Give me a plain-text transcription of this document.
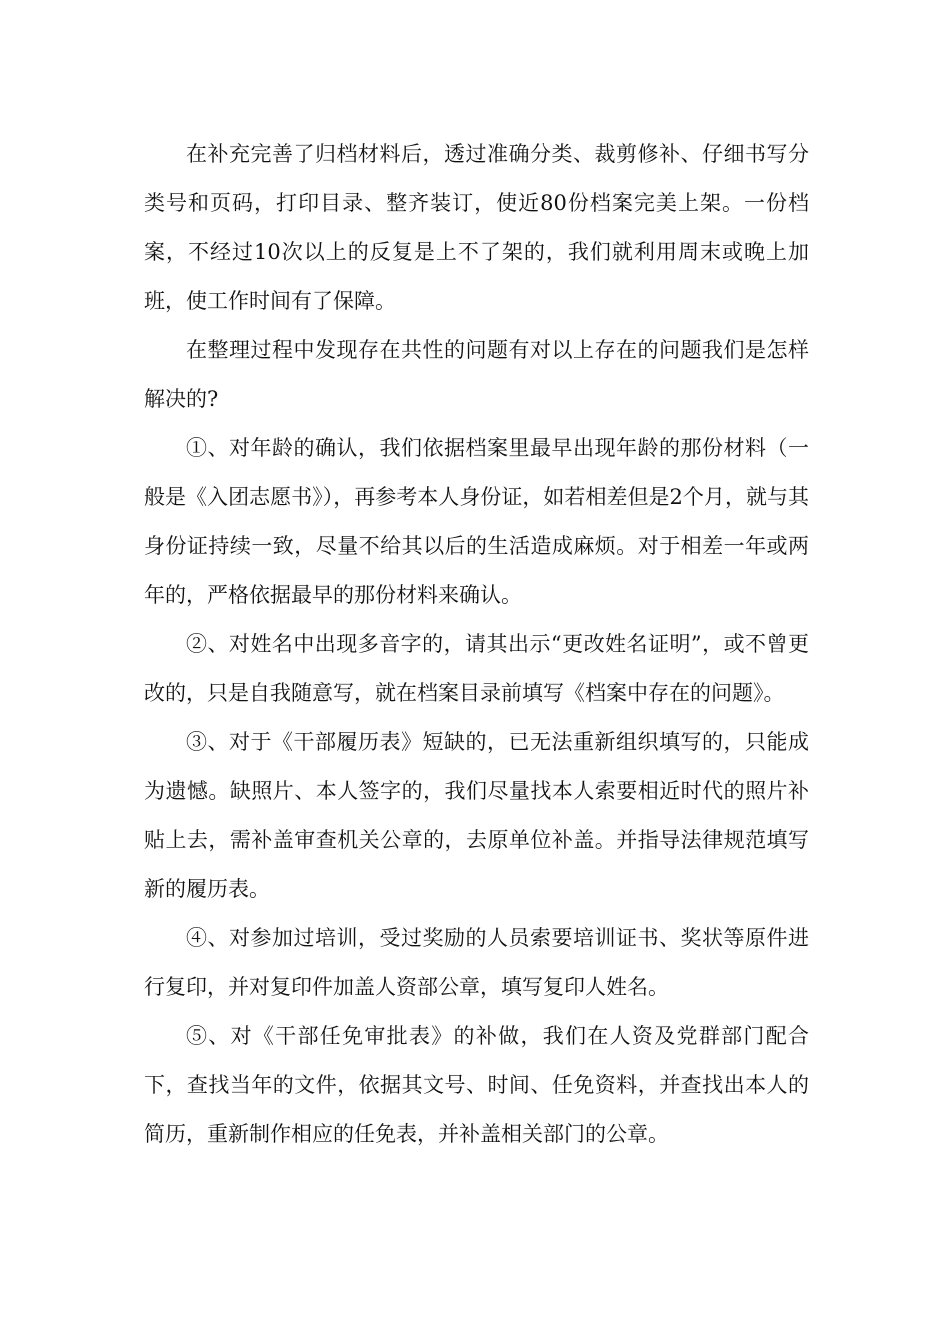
在补充完善了归档材料后，透过准确分类、裁剪修补、仔细书写分类号和页码，打印目录、整齐装订，使近80份档案完美上架。一份档案，不经过10次以上的反复是上不了架的，我们就利用周末或晚上加班，使工作时间有了保障。

在整理过程中发现存在共性的问题有对以上存在的问题我们是怎样解决的?

①、对年龄的确认，我们依据档案里最早出现年龄的那份材料（一般是《入团志愿书》），再参考本人身份证，如若相差但是2个月，就与其身份证持续一致，尽量不给其以后的生活造成麻烦。对于相差一年或两年的，严格依据最早的那份材料来确认。

②、对姓名中出现多音字的，请其出示“更改姓名证明”，或不曾更改的，只是自我随意写，就在档案目录前填写《档案中存在的问题》。

③、对于《干部履历表》短缺的，已无法重新组织填写的，只能成为遗憾。缺照片、本人签字的，我们尽量找本人索要相近时代的照片补贴上去，需补盖审查机关公章的，去原单位补盖。并指导法律规范填写新的履历表。

④、对参加过培训，受过奖励的人员索要培训证书、奖状等原件进行复印，并对复印件加盖人资部公章，填写复印人姓名。

⑤、对《干部任免审批表》的补做，我们在人资及党群部门配合下，查找当年的文件，依据其文号、时间、任免资料，并查找出本人的简历，重新制作相应的任免表，并补盖相关部门的公章。
